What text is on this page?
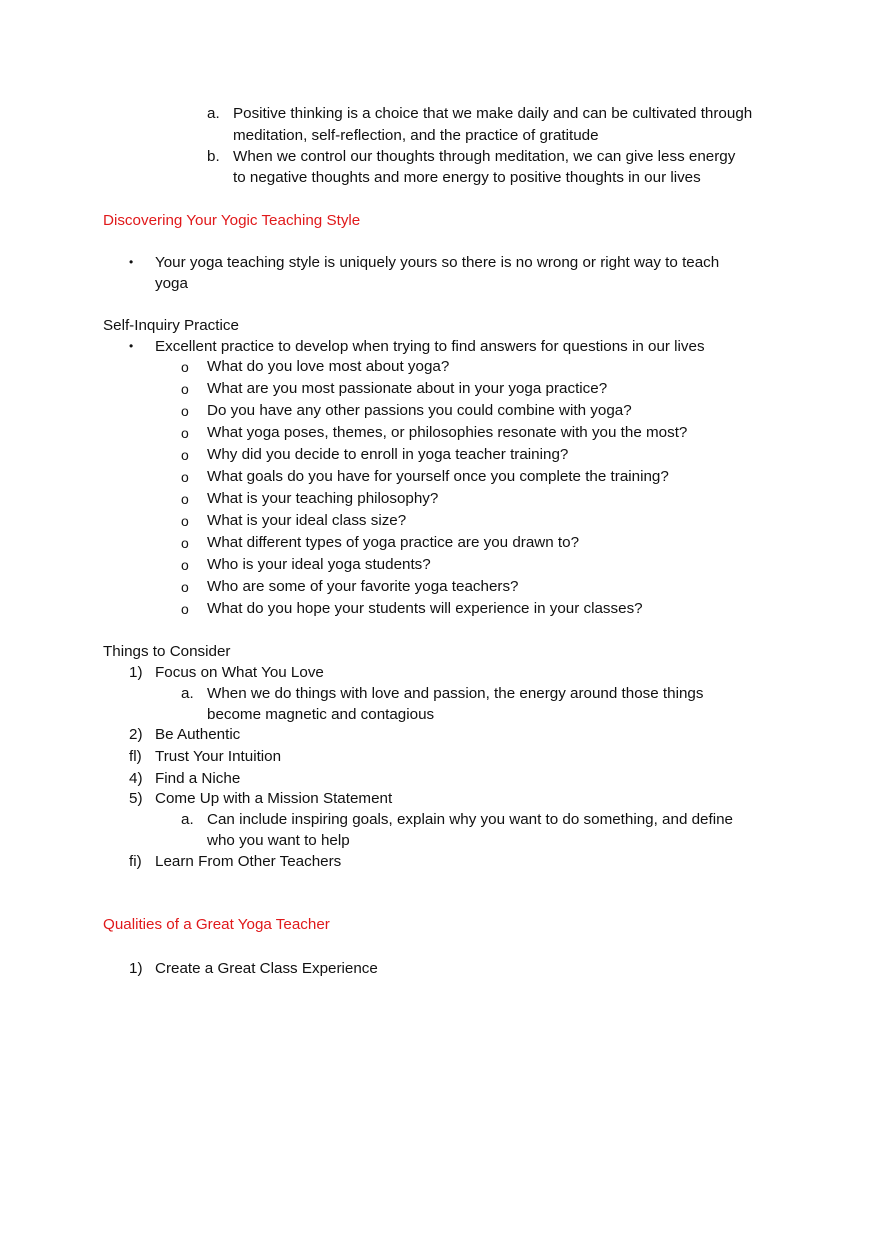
a. Positive thinking is a choice that we make daily and can be cultivated through
meditation, self-reflection, and the practice of gratitude
b. When we control our thoughts through meditation, we can give less energy
to negative thoughts and more energy to positive thoughts in our lives
Discovering Your Yogic Teaching Style
• Your yoga teaching style is uniquely yours so there is no wrong or right way to teach
yoga
Self-Inquiry Practice
• Excellent practice to develop when trying to find answers for questions in our lives
o What do you love most about yoga?
o What are you most passionate about in your yoga practice?
o Do you have any other passions you could combine with yoga?
o What yoga poses, themes, or philosophies resonate with you the most?
o Why did you decide to enroll in yoga teacher training?
o What goals do you have for yourself once you complete the training?
o What is your teaching philosophy?
o What is your ideal class size?
o What different types of yoga practice are you drawn to?
o Who is your ideal yoga students?
o Who are some of your favorite yoga teachers?
o What do you hope your students will experience in your classes?
Things to Consider
1) Focus on What You Love
a. When we do things with love and passion, the energy around those things
become magnetic and contagious
2) Be Authentic
fl) Trust Your Intuition
4) Find a Niche
5) Come Up with a Mission Statement
a. Can include inspiring goals, explain why you want to do something, and define
who you want to help
fi) Learn From Other Teachers
Qualities of a Great Yoga Teacher
1) Create a Great Class Experience
